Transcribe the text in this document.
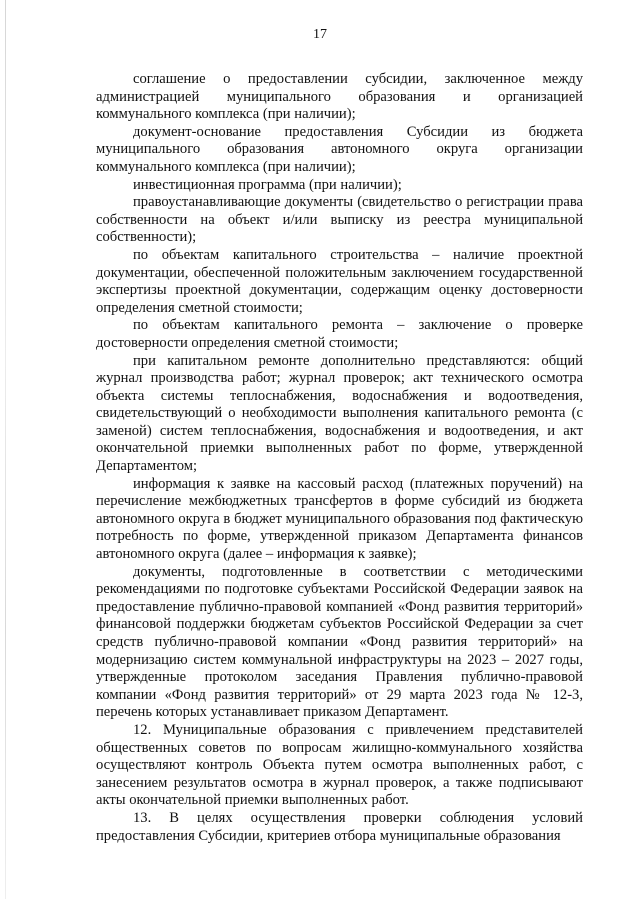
17

соглашение о предоставлении субсидии, заключенное между администрацией муниципального образования и организацией коммунального комплекса (при наличии);

документ-основание предоставления Субсидии из бюджета муниципального образования автономного округа организации коммунального комплекса (при наличии);

инвестиционная программа (при наличии);

правоустанавливающие документы (свидетельство о регистрации права собственности на объект и/или выписку из реестра муниципальной собственности);

по объектам капитального строительства – наличие проектной документации, обеспеченной положительным заключением государственной экспертизы проектной документации, содержащим оценку достоверности определения сметной стоимости;

по объектам капитального ремонта – заключение о проверке достоверности определения сметной стоимости;

при капитальном ремонте дополнительно представляются: общий журнал производства работ; журнал проверок; акт технического осмотра объекта системы теплоснабжения, водоснабжения и водоотведения, свидетельствующий о необходимости выполнения капитального ремонта (с заменой) систем теплоснабжения, водоснабжения и водоотведения, и акт окончательной приемки выполненных работ по форме, утвержденной Департаментом;

информация к заявке на кассовый расход (платежных поручений) на перечисление межбюджетных трансфертов в форме субсидий из бюджета автономного округа в бюджет муниципального образования под фактическую потребность по форме, утвержденной приказом Департамента финансов автономного округа (далее – информация к заявке);

документы, подготовленные в соответствии с методическими рекомендациями по подготовке субъектами Российской Федерации заявок на предоставление публично-правовой компанией «Фонд развития территорий» финансовой поддержки бюджетам субъектов Российской Федерации за счет средств публично-правовой компании «Фонд развития территорий» на модернизацию систем коммунальной инфраструктуры на 2023 – 2027 годы, утвержденные протоколом заседания Правления публично-правовой компании «Фонд развития территорий» от 29 марта 2023 года № 12-3, перечень которых устанавливает приказом Департамент.

12. Муниципальные образования с привлечением представителей общественных советов по вопросам жилищно-коммунального хозяйства осуществляют контроль Объекта путем осмотра выполненных работ, с занесением результатов осмотра в журнал проверок, а также подписывают акты окончательной приемки выполненных работ.

13. В целях осуществления проверки соблюдения условий предоставления Субсидии, критериев отбора муниципальные образования
